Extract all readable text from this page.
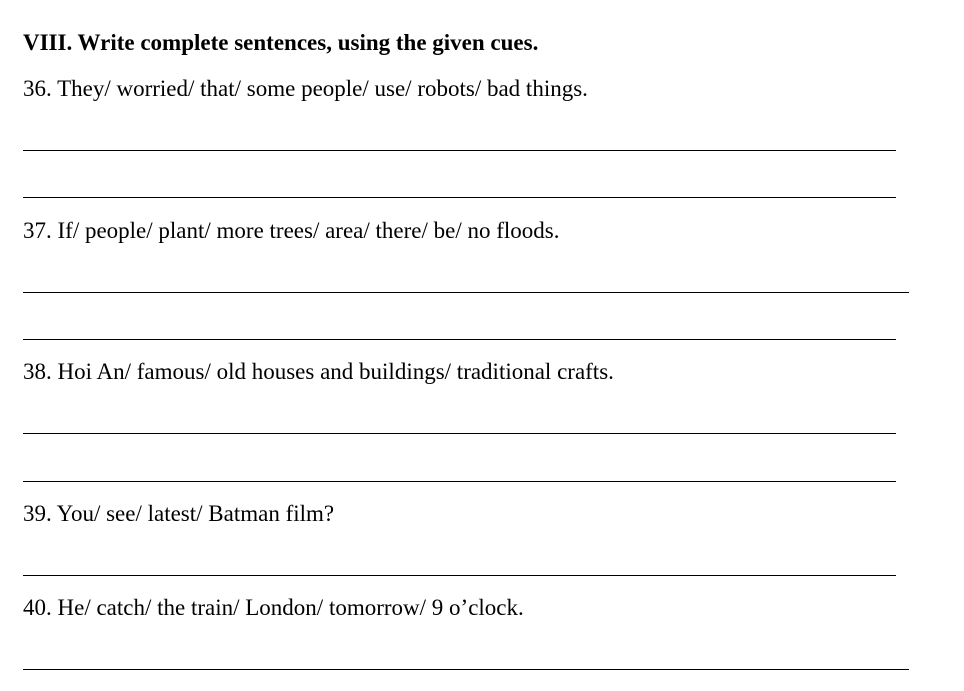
VIII. Write complete sentences, using the given cues.
36. They/ worried/ that/ some people/ use/ robots/ bad things.
37. If/ people/ plant/ more trees/ area/ there/ be/ no floods.
38. Hoi An/ famous/ old houses and buildings/ traditional crafts.
39. You/ see/ latest/ Batman film?
40. He/ catch/ the train/ London/ tomorrow/ 9 o’clock.
